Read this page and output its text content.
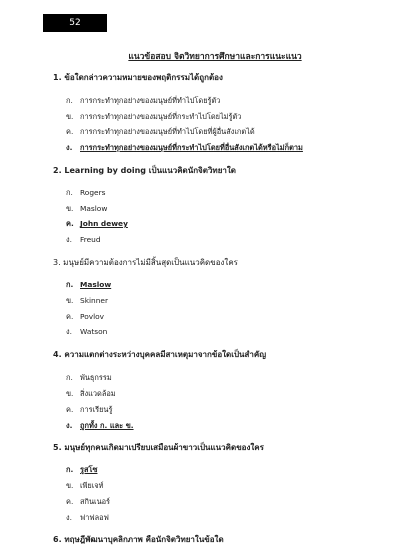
52
แนวข้อสอบ จิตวิทยาการศึกษาและการแนะแนว
1. ข้อใดกล่าวความหมายของพฤติกรรมได้ถูกต้อง
ก. การกระทำทุกอย่างของมนุษย์ที่ทำไปโดยรู้ตัว
ข. การกระทำทุกอย่างของมนุษย์ที่กระทำไปโดยไม่รู้ตัว
ค. การกระทำทุกอย่างของมนุษย์ที่ทำไปโดยที่ผู้อื่นสังเกตได้
ง. การกระทำทุกอย่างของมนุษย์ที่กระทำไปโดยที่อื่นสังเกตได้หรือไม่ก็ตาม
2. Learning by doing เป็นแนวคิดนักจิตวิทยาใด
ก. Rogers
ข. Maslow
ค. John dewey
ง. Freud
3. มนุษย์มีความต้องการไม่มีสิ้นสุดเป็นแนวคิดของใคร
ก. Maslow
ข. Skinner
ค. Povlov
ง. Watson
4. ความแตกต่างระหว่างบุคคลมีสาเหตุมาจากข้อใดเป็นสำคัญ
ก. พันธุกรรม
ข. สิ่งแวดล้อม
ค. การเรียนรู้
ง. ถูกทั้ง ก. และ ข.
5. มนุษย์ทุกคนเกิดมาเปรียบเสมือนผ้าขาวเป็นแนวคิดของใคร
ก. รูสโซ
ข. เพียเจท์
ค. สกินเนอร์
ง. ฟาฟลอฟ
6. ทฤษฎีพัฒนาบุคลิกภาพ คือนักจิตวิทยาในข้อใด
